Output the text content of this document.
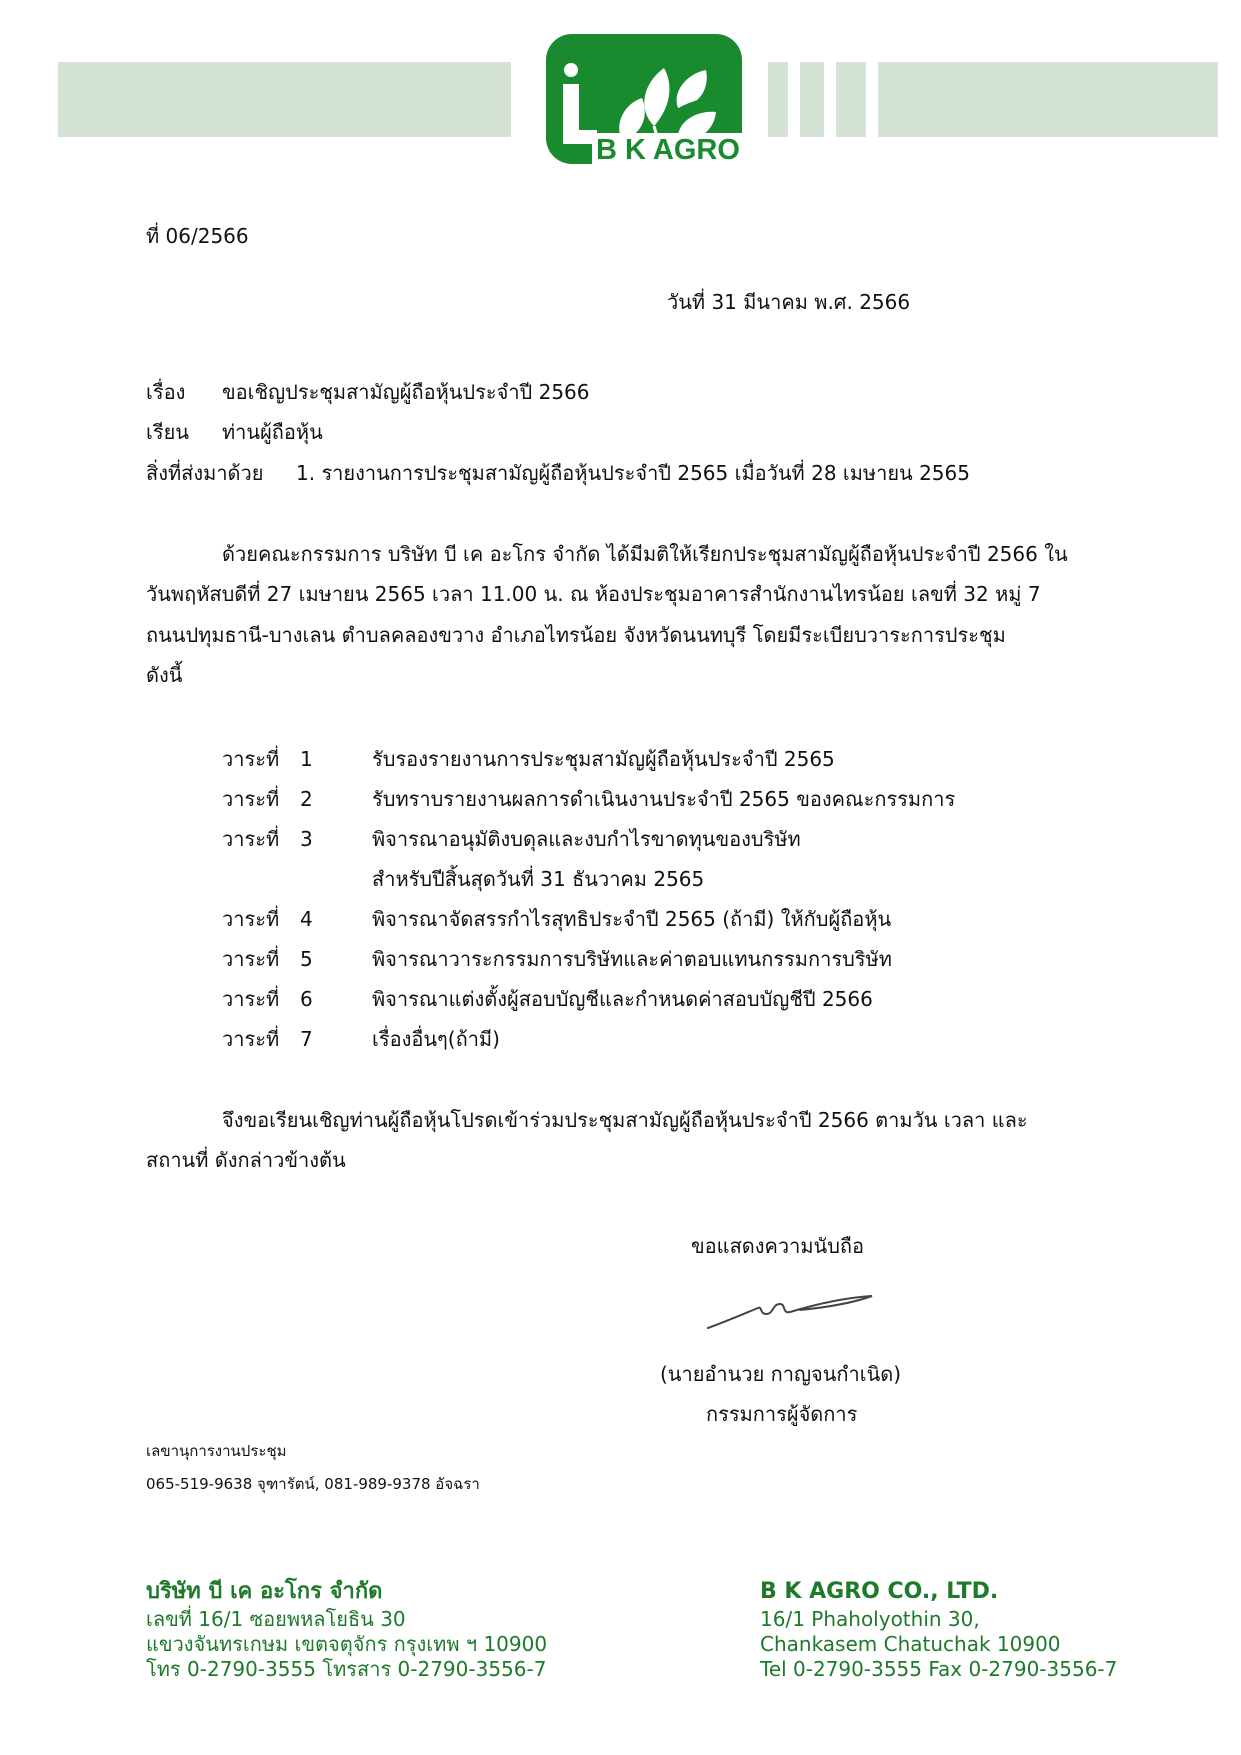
B K AGRO
ที่ 06/2566
วันที่ 31 มีนาคม พ.ศ. 2566
เรื่อง ขอเชิญประชุมสามัญผู้ถือหุ้นประจำปี 2566
เรียน ท่านผู้ถือหุ้น
สิ่งที่ส่งมาด้วย 1. รายงานการประชุมสามัญผู้ถือหุ้นประจำปี 2565 เมื่อวันที่ 28 เมษายน 2565
ด้วยคณะกรรมการ บริษัท บี เค อะโกร จำกัด ได้มีมติให้เรียกประชุมสามัญผู้ถือหุ้นประจำปี 2566 ใน
วันพฤหัสบดีที่ 27 เมษายน 2565 เวลา 11.00 น. ณ ห้องประชุมอาคารสำนักงานไทรน้อย เลขที่ 32 หมู่ 7
ถนนปทุมธานี-บางเลน ตำบลคลองขวาง อำเภอไทรน้อย จังหวัดนนทบุรี โดยมีระเบียบวาระการประชุม
ดังนี้
วาระที่ 1	รับรองรายงานการประชุมสามัญผู้ถือหุ้นประจำปี 2565
วาระที่ 2	รับทราบรายงานผลการดำเนินงานประจำปี 2565 ของคณะกรรมการ
วาระที่ 3	พิจารณาอนุมัติงบดุลและงบกำไรขาดทุนของบริษัท
สำหรับปีสิ้นสุดวันที่ 31 ธันวาคม 2565
วาระที่ 4	พิจารณาจัดสรรกำไรสุทธิประจำปี 2565 (ถ้ามี) ให้กับผู้ถือหุ้น
วาระที่ 5	พิจารณาวาระกรรมการบริษัทและค่าตอบแทนกรรมการบริษัท
วาระที่ 6	พิจารณาแต่งตั้งผู้สอบบัญชีและกำหนดค่าสอบบัญชีปี 2566
วาระที่ 7	เรื่องอื่นๆ(ถ้ามี)
จึงขอเรียนเชิญท่านผู้ถือหุ้นโปรดเข้าร่วมประชุมสามัญผู้ถือหุ้นประจำปี 2566 ตามวัน เวลา และ
สถานที่ ดังกล่าวข้างต้น
ขอแสดงความนับถือ
(นายอำนวย กาญจนกำเนิด)
กรรมการผู้จัดการ
เลขานุการงานประชุม
065-519-9638 จุฑารัตน์, 081-989-9378 อัจฉรา
บริษัท บี เค อะโกร จำกัด
เลขที่ 16/1 ซอยพหลโยธิน 30
แขวงจันทรเกษม เขตจตุจักร กรุงเทพ ฯ 10900
โทร 0-2790-3555 โทรสาร 0-2790-3556-7
B K AGRO CO., LTD.
16/1 Phaholyothin 30,
Chankasem Chatuchak 10900
Tel 0-2790-3555 Fax 0-2790-3556-7
